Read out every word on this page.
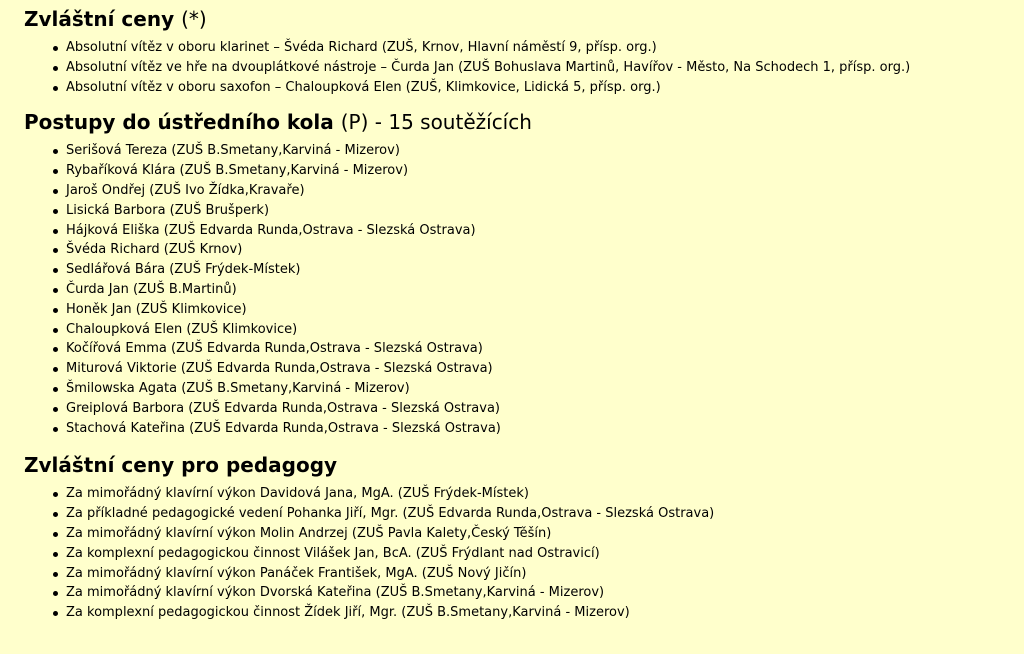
Zvláštní ceny (*)
Absolutní vítěz v oboru klarinet – Švéda Richard (ZUŠ, Krnov, Hlavní náměstí 9, přísp. org.)
Absolutní vítěz ve hře na dvouplátkové nástroje – Čurda Jan (ZUŠ Bohuslava Martinů, Havířov - Město, Na Schodech 1, přísp. org.)
Absolutní vítěz v oboru saxofon – Chaloupková Elen (ZUŠ, Klimkovice, Lidická 5, přísp. org.)
Postupy do ústředního kola (P) - 15 soutěžících
Serišová Tereza (ZUŠ B.Smetany,Karviná - Mizerov)
Rybaříková Klára (ZUŠ B.Smetany,Karviná - Mizerov)
Jaroš Ondřej (ZUŠ Ivo Žídka,Kravaře)
Lisická Barbora (ZUŠ Brušperk)
Hájková Eliška (ZUŠ Edvarda Runda,Ostrava - Slezská Ostrava)
Švéda Richard (ZUŠ Krnov)
Sedlářová Bára (ZUŠ Frýdek-Místek)
Čurda Jan (ZUŠ B.Martinů)
Honěk Jan (ZUŠ Klimkovice)
Chaloupková Elen (ZUŠ Klimkovice)
Kočířová Emma (ZUŠ Edvarda Runda,Ostrava - Slezská Ostrava)
Miturová Viktorie (ZUŠ Edvarda Runda,Ostrava - Slezská Ostrava)
Šmilowska Agata (ZUŠ B.Smetany,Karviná - Mizerov)
Greiplová Barbora (ZUŠ Edvarda Runda,Ostrava - Slezská Ostrava)
Stachová Kateřina (ZUŠ Edvarda Runda,Ostrava - Slezská Ostrava)
Zvláštní ceny pro pedagogy
Za mimořádný klavírní výkon Davidová Jana, MgA. (ZUŠ Frýdek-Místek)
Za příkladné pedagogické vedení Pohanka Jiří, Mgr. (ZUŠ Edvarda Runda,Ostrava - Slezská Ostrava)
Za mimořádný klavírní výkon Molin Andrzej (ZUŠ Pavla Kalety,Český Těšín)
Za komplexní pedagogickou činnost Vilášek Jan, BcA. (ZUŠ Frýdlant nad Ostravicí)
Za mimořádný klavírní výkon Panáček František, MgA. (ZUŠ Nový Jičín)
Za mimořádný klavírní výkon Dvorská Kateřina (ZUŠ B.Smetany,Karviná - Mizerov)
Za komplexní pedagogickou činnost Žídek Jiří, Mgr. (ZUŠ B.Smetany,Karviná - Mizerov)
